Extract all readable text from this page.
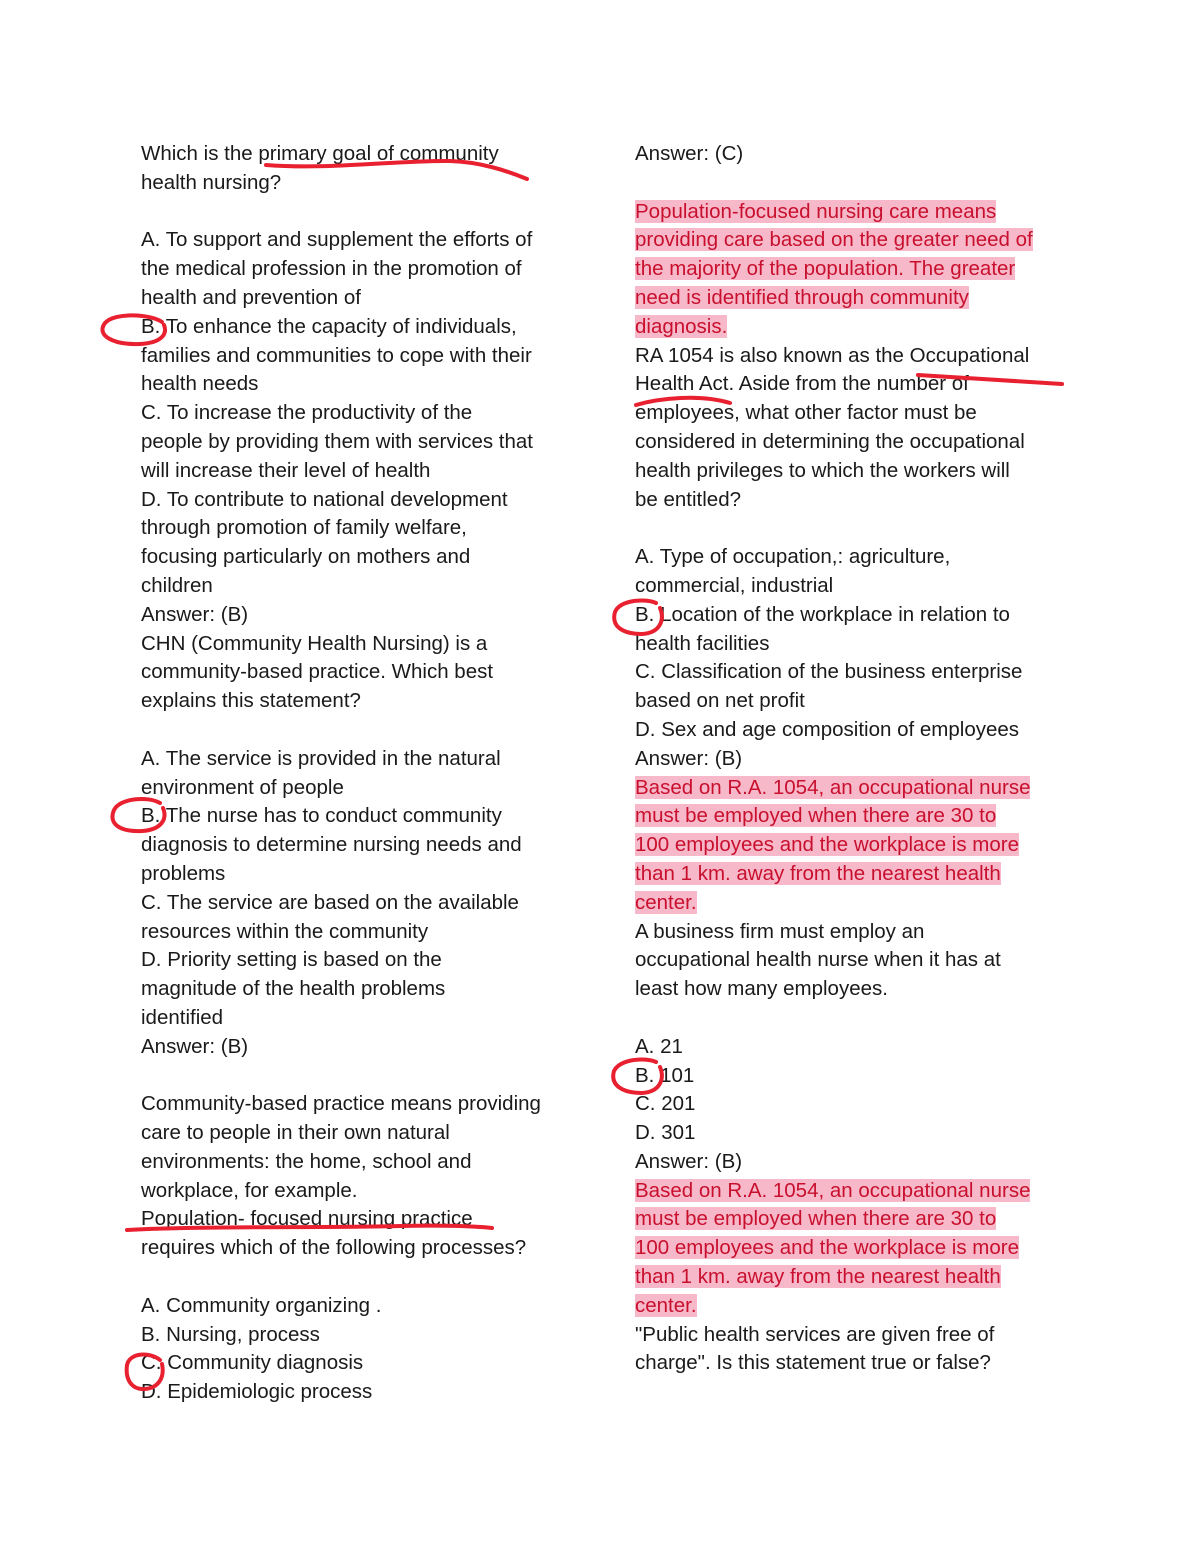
Which is the primary goal of community
health nursing?
A. To support and supplement the efforts of
the medical profession in the promotion of
health and prevention of
B. To enhance the capacity of individuals,
families and communities to cope with their
health needs
C. To increase the productivity of the
people by providing them with services that
will increase their level of health
D. To contribute to national development
through promotion of family welfare,
focusing particularly on mothers and
children
Answer: (B)
CHN (Community Health Nursing) is a
community-based practice. Which best
explains this statement?
A. The service is provided in the natural
environment of people
B. The nurse has to conduct community
diagnosis to determine nursing needs and
problems
C. The service are based on the available
resources within the community
D. Priority setting is based on the
magnitude of the health problems
identified
Answer: (B)
Community-based practice means providing
care to people in their own natural
environments: the home, school and
workplace, for example.
Population- focused nursing practice
requires which of the following processes?
A. Community organizing .
B. Nursing, process
C. Community diagnosis
D. Epidemiologic process
Answer: (C)
Population-focused nursing care means
providing care based on the greater need of
the majority of the population. The greater
need is identified through community
diagnosis.
RA 1054 is also known as the Occupational
Health Act. Aside from the number of
employees, what other factor must be
considered in determining the occupational
health privileges to which the workers will
be entitled?
A. Type of occupation,: agriculture,
commercial, industrial
B. Location of the workplace in relation to
health facilities
C. Classification of the business enterprise
based on net profit
D. Sex and age composition of employees
Answer: (B)
Based on R.A. 1054, an occupational nurse
must be employed when there are 30 to
100 employees and the workplace is more
than 1 km. away from the nearest health
center.
A business firm must employ an
occupational health nurse when it has at
least how many employees.
A. 21
B. 101
C. 201
D. 301
Answer: (B)
Based on R.A. 1054, an occupational nurse
must be employed when there are 30 to
100 employees and the workplace is more
than 1 km. away from the nearest health
center.
"Public health services are given free of
charge". Is this statement true or false?
